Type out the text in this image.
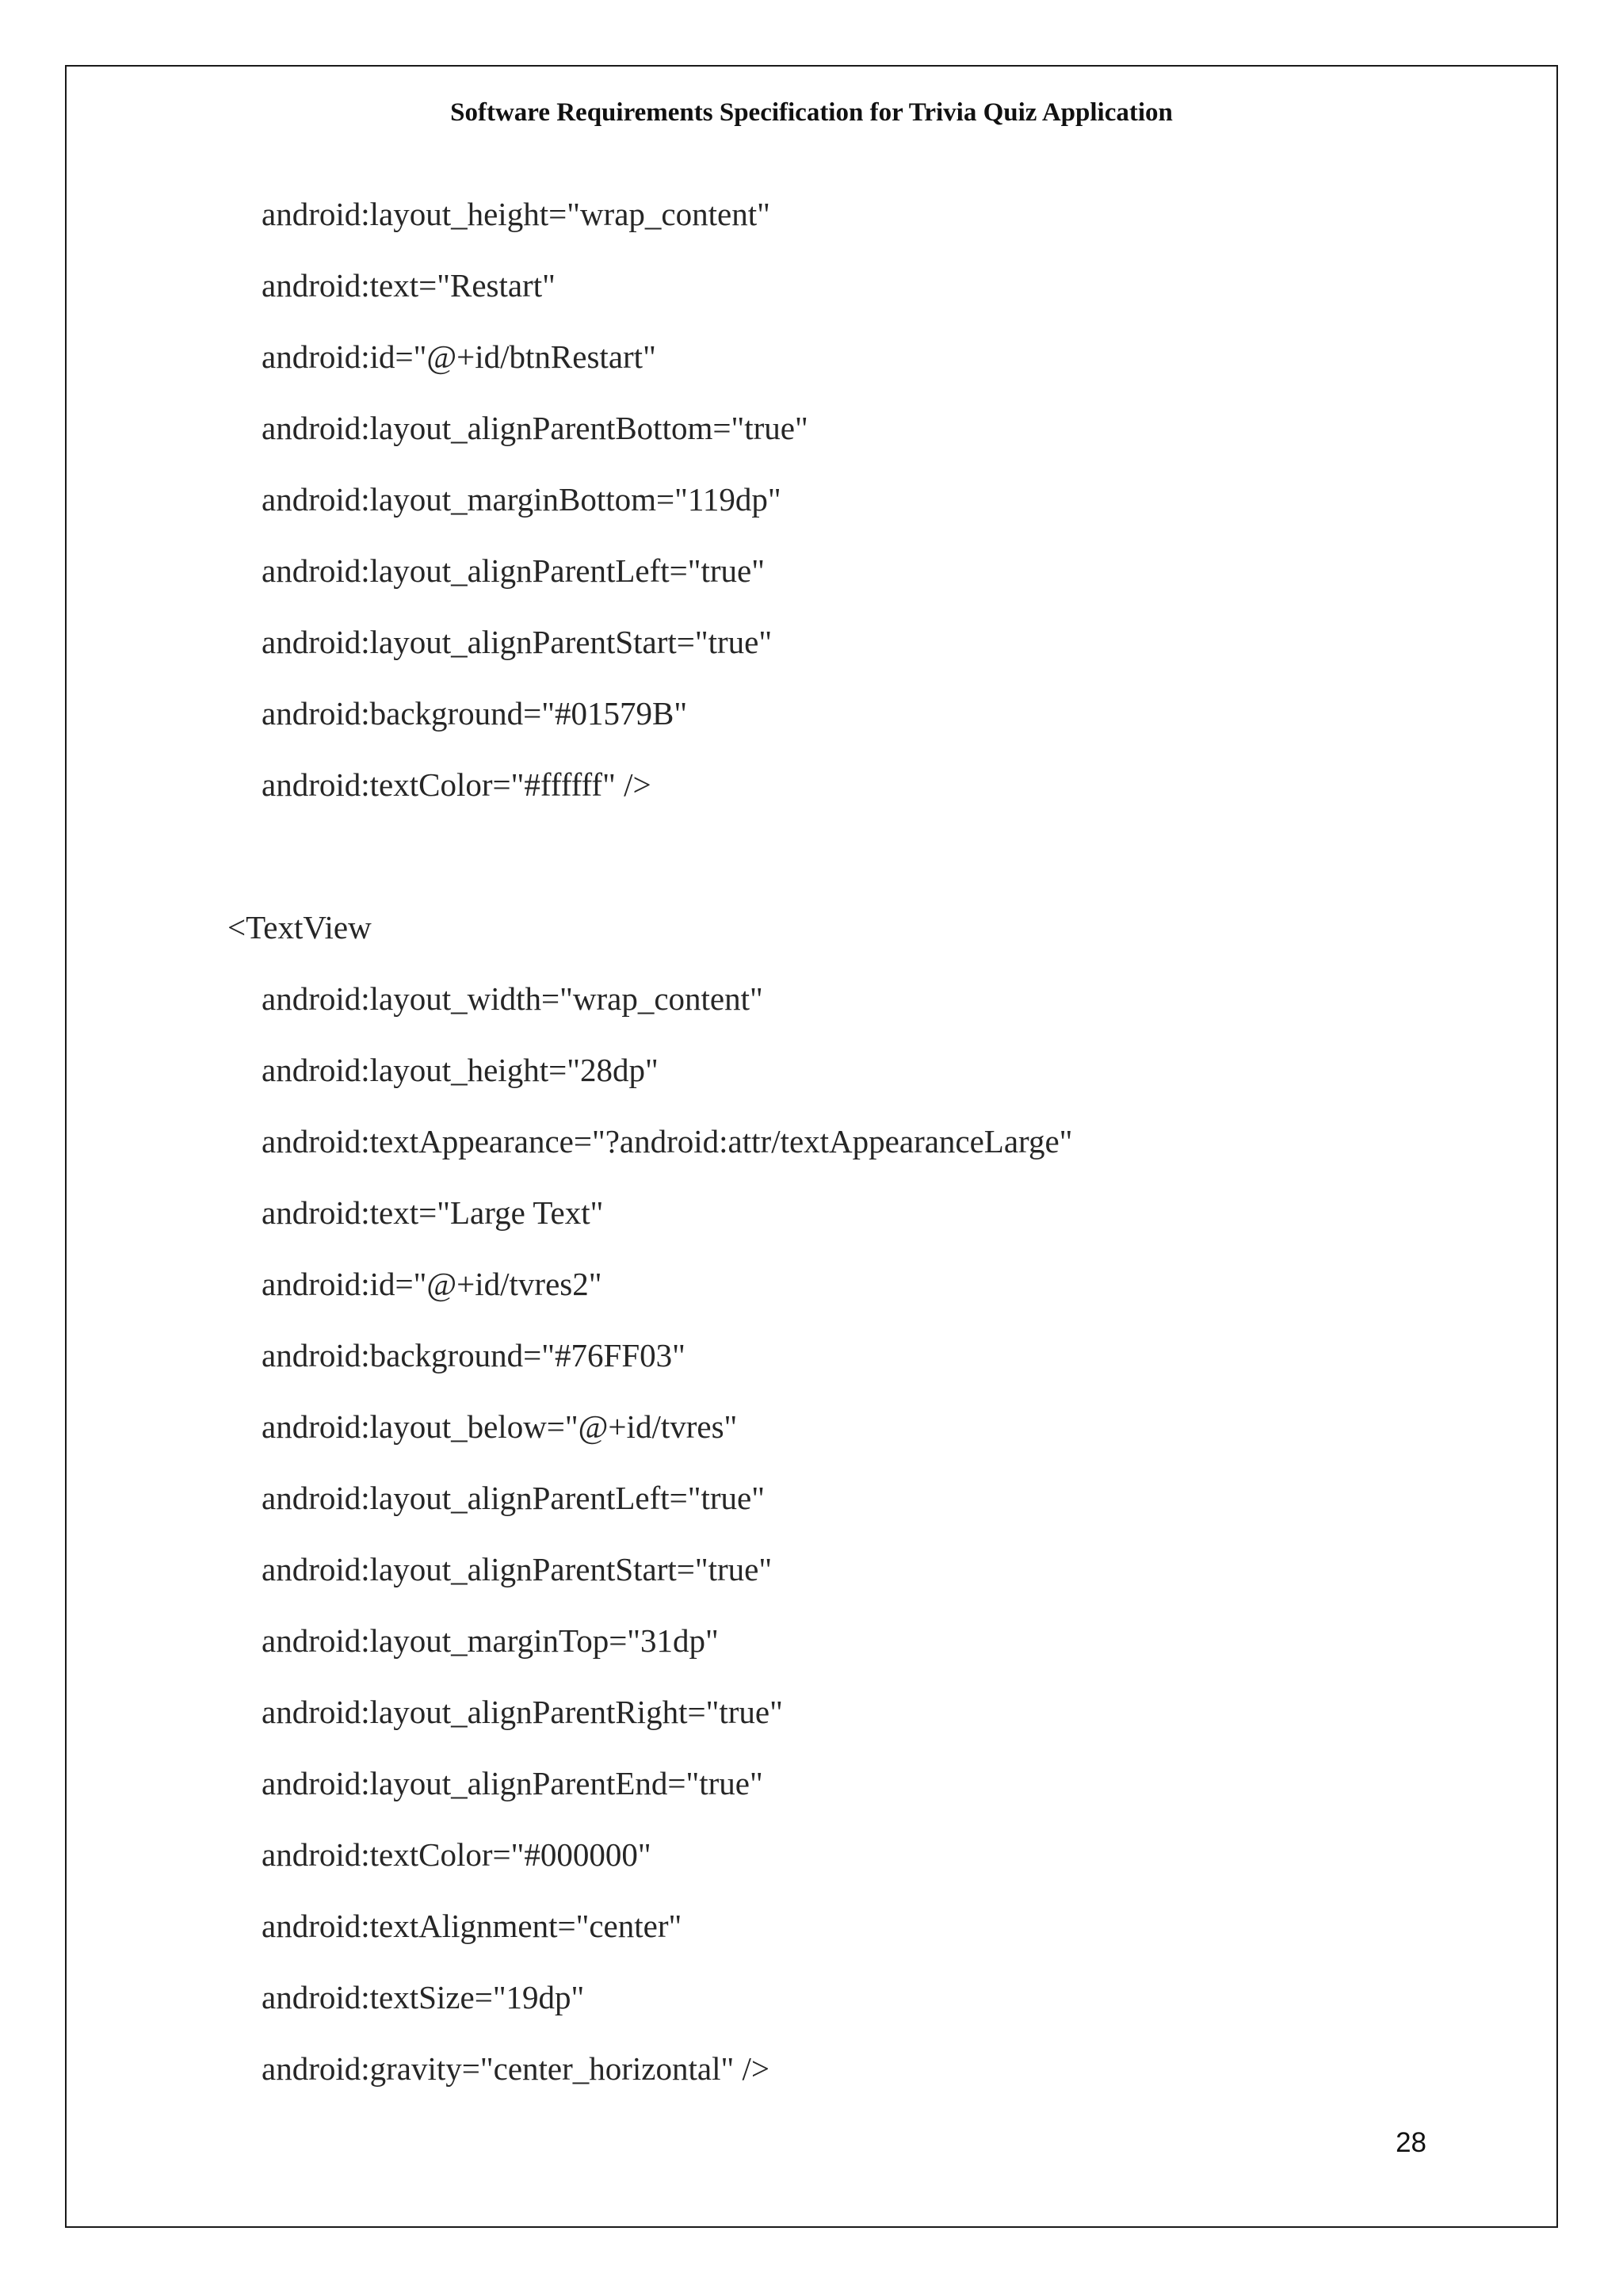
Software Requirements Specification for Trivia Quiz Application
android:layout_height="wrap_content"
android:text="Restart"
android:id="@+id/btnRestart"
android:layout_alignParentBottom="true"
android:layout_marginBottom="119dp"
android:layout_alignParentLeft="true"
android:layout_alignParentStart="true"
android:background="#01579B"
android:textColor="#ffffff" />
<TextView
android:layout_width="wrap_content"
android:layout_height="28dp"
android:textAppearance="?android:attr/textAppearanceLarge"
android:text="Large Text"
android:id="@+id/tvres2"
android:background="#76FF03"
android:layout_below="@+id/tvres"
android:layout_alignParentLeft="true"
android:layout_alignParentStart="true"
android:layout_marginTop="31dp"
android:layout_alignParentRight="true"
android:layout_alignParentEnd="true"
android:textColor="#000000"
android:textAlignment="center"
android:textSize="19dp"
android:gravity="center_horizontal" />
28
